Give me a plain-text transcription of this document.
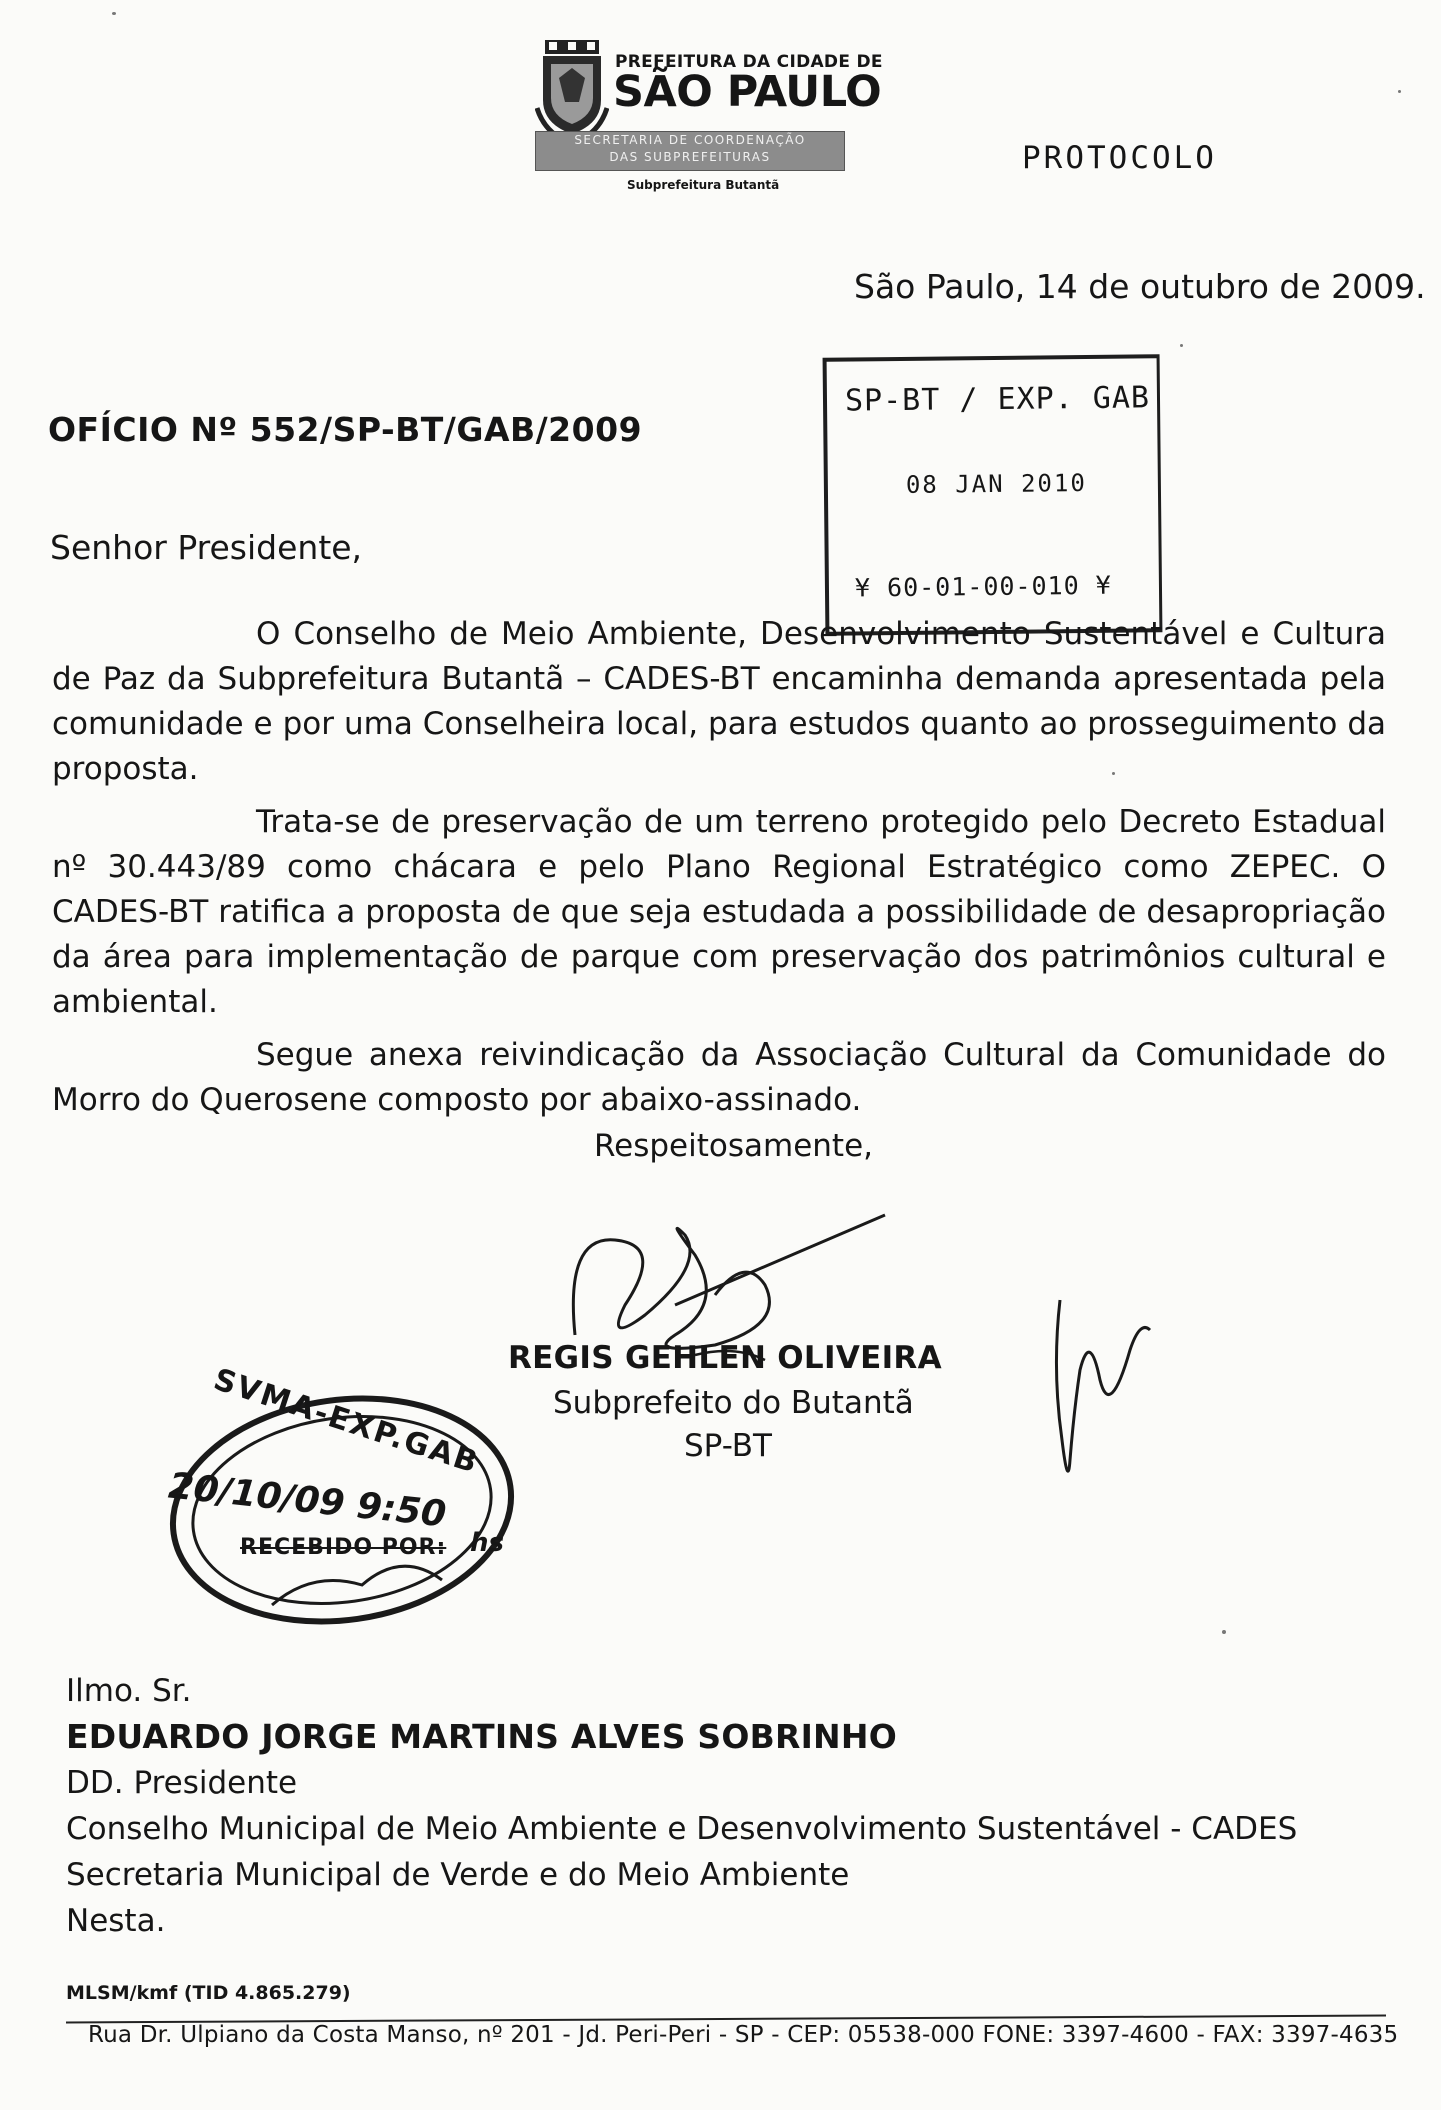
PREFEITURA DA CIDADE DE
SÃO PAULO
SECRETARIA DE COORDENAÇÃO
DAS SUBPREFEITURAS
Subprefeitura Butantã
PROTOCOLO
São Paulo, 14 de outubro de 2009.
SP-BT / EXP. GAB
08 JAN 2010
¥ 60-01-00-010 ¥
OFÍCIO Nº 552/SP-BT/GAB/2009
Senhor Presidente,

O Conselho de Meio Ambiente, Desenvolvimento Sustentável e Cultura de Paz da Subprefeitura Butantã – CADES-BT encaminha demanda apresentada pela comunidade e por uma Conselheira local, para estudos quanto ao prosseguimento da proposta.

Trata-se de preservação de um terreno protegido pelo Decreto Estadual nº 30.443/89 como chácara e pelo Plano Regional Estratégico como ZEPEC. O CADES-BT ratifica a proposta de que seja estudada a possibilidade de desapropriação da área para implementação de parque com preservação dos patrimônios cultural e ambiental.

Segue anexa reivindicação da Associação Cultural da Comunidade do Morro do Querosene composto por abaixo-assinado.

Respeitosamente,
REGIS GEHLEN OLIVEIRA
Subprefeito do Butantã
SP-BT
SVMA-EXP.GAB
20/10/09 9:50
hs
RECEBIDO POR:
Ilmo. Sr.
EDUARDO JORGE MARTINS ALVES SOBRINHO
DD. Presidente
Conselho Municipal de Meio Ambiente e Desenvolvimento Sustentável - CADES
Secretaria Municipal de Verde e do Meio Ambiente
Nesta.
MLSM/kmf (TID 4.865.279)
Rua Dr. Ulpiano da Costa Manso, nº 201 - Jd. Peri-Peri - SP - CEP: 05538-000 FONE: 3397-4600 - FAX: 3397-4635
